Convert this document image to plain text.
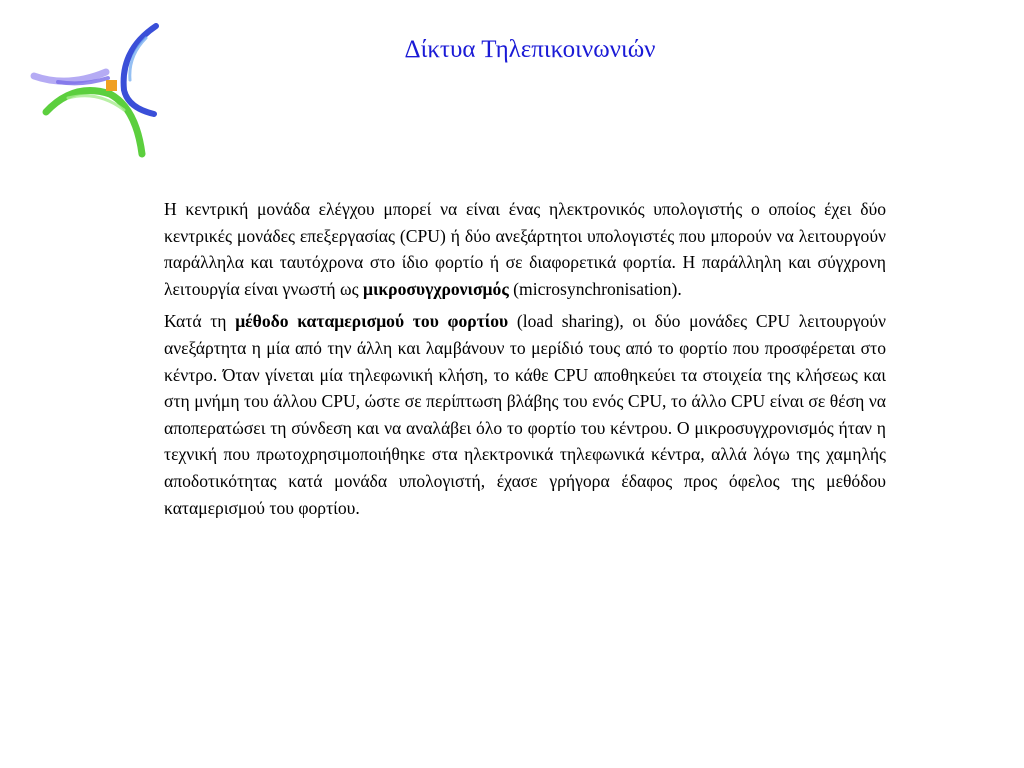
Δίκτυα Τηλεπικοινωνιών

Η κεντρική μονάδα ελέγχου μπορεί να είναι ένας ηλεκτρονικός υπολογιστής ο οποίος έχει δύο κεντρικές μονάδες επεξεργασίας (CPU) ή δύο ανεξάρτητοι υπολογιστές που μπορούν να λειτουργούν παράλληλα και ταυτόχρονα στο ίδιο φορτίο ή σε διαφορετικά φορτία. Η παράλληλη και σύγχρονη λειτουργία είναι γνωστή ως μικροσυγχρονισμός (microsynchronisation).

Κατά τη μέθοδο καταμερισμού του φορτίου (load sharing), οι δύο μονάδες CPU λειτουργούν ανεξάρτητα η μία από την άλλη και λαμβάνουν το μερίδιό τους από το φορτίο που προσφέρεται στο κέντρο. Όταν γίνεται μία τηλεφωνική κλήση, το κάθε CPU αποθηκεύει τα στοιχεία της κλήσεως και στη μνήμη του άλλου CPU, ώστε σε περίπτωση βλάβης του ενός CPU, το άλλο CPU είναι σε θέση να αποπερατώσει τη σύνδεση και να αναλάβει όλο το φορτίο του κέντρου. Ο μικροσυγχρονισμός ήταν η τεχνική που πρωτοχρησιμοποιήθηκε στα ηλεκτρονικά τηλεφωνικά κέντρα, αλλά λόγω της χαμηλής αποδοτικότητας κατά μονάδα υπολογιστή, έχασε γρήγορα έδαφος προς όφελος της μεθόδου καταμερισμού του φορτίου.
